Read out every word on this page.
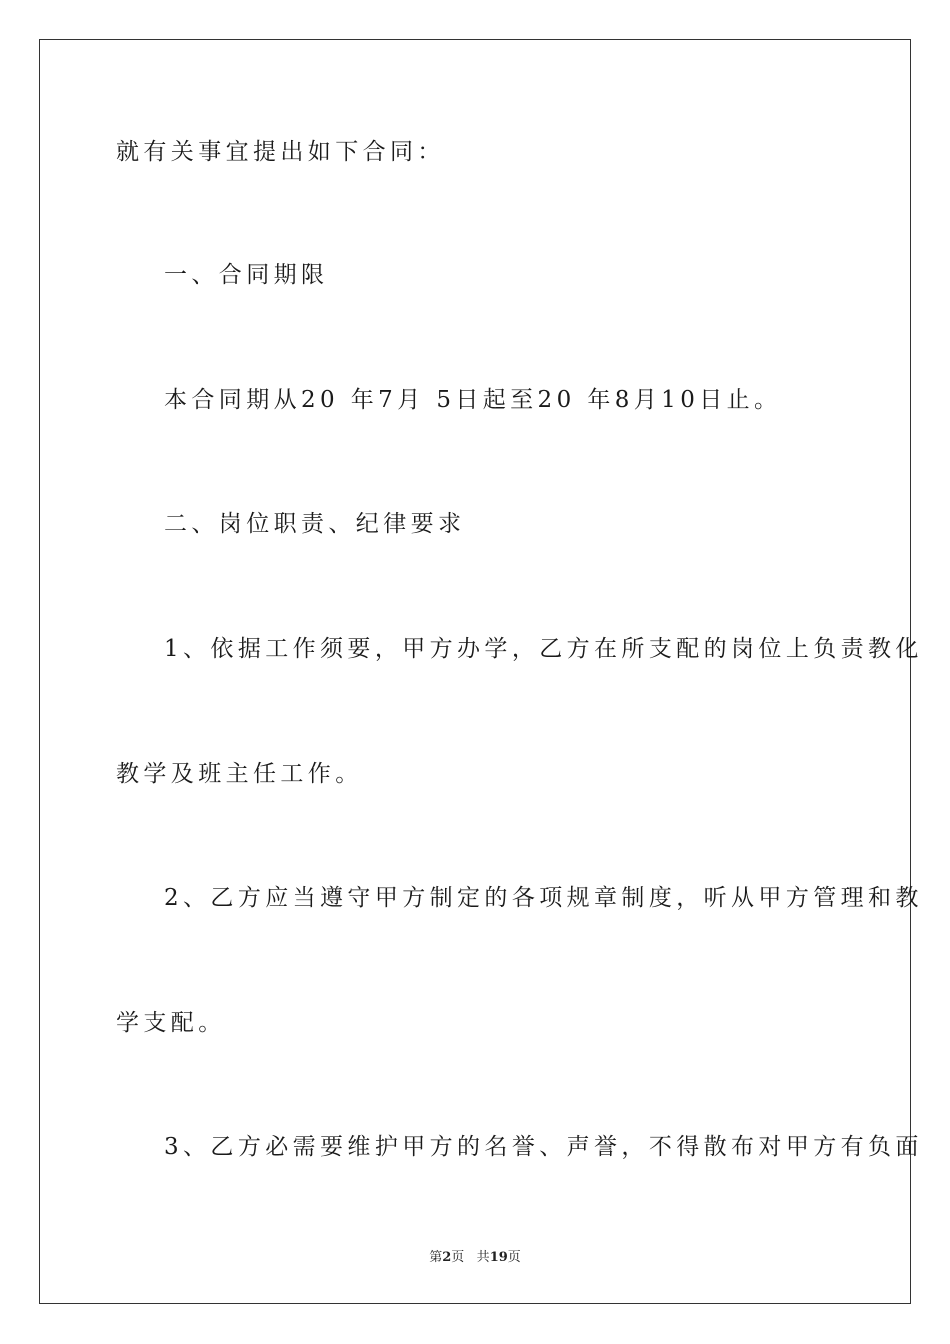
就有关事宜提出如下合同：
一、合同期限
本合同期从20 年7月 5日起至20 年8月10日止。
二、岗位职责、纪律要求
1、依据工作须要，甲方办学，乙方在所支配的岗位上负责教化
教学及班主任工作。
2、乙方应当遵守甲方制定的各项规章制度，听从甲方管理和教
学支配。
3、乙方必需要维护甲方的名誉、声誉，不得散布对甲方有负面
第2页 共19页
